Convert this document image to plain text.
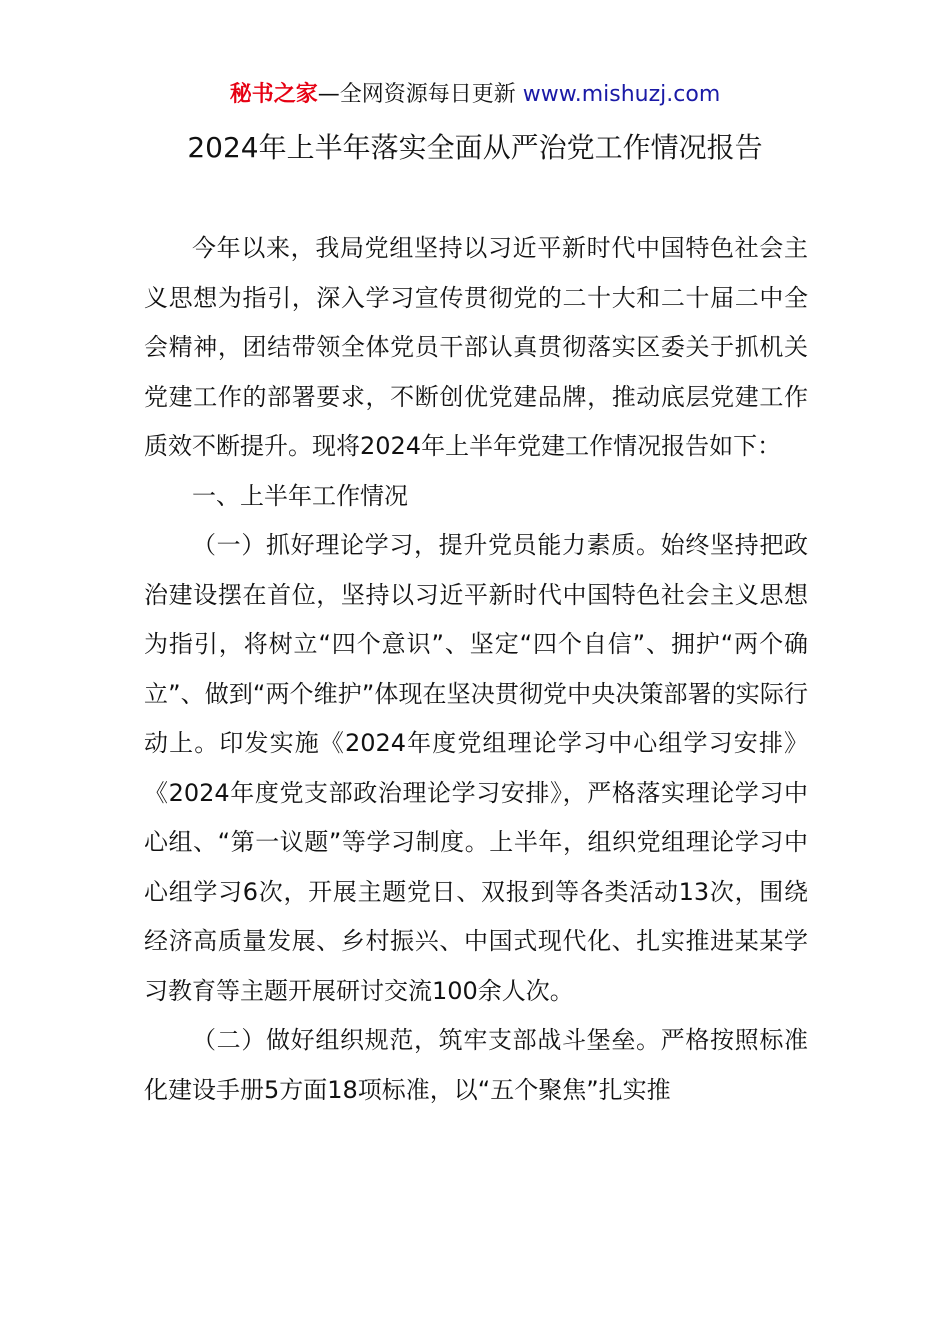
秘书之家—全网资源每日更新 www.mishuzj.com
2024年上半年落实全面从严治党工作情况报告

今年以来，我局党组坚持以习近平新时代中国特色社会主义思想为指引，深入学习宣传贯彻党的二十大和二十届二中全会精神，团结带领全体党员干部认真贯彻落实区委关于抓机关党建工作的部署要求，不断创优党建品牌，推动底层党建工作质效不断提升。现将2024年上半年党建工作情况报告如下：

一、上半年工作情况

（一）抓好理论学习，提升党员能力素质。始终坚持把政治建设摆在首位，坚持以习近平新时代中国特色社会主义思想为指引，将树立“四个意识”、坚定“四个自信”、拥护“两个确立”、做到“两个维护”体现在坚决贯彻党中央决策部署的实际行动上。印发实施《2024年度党组理论学习中心组学习安排》《2024年度党支部政治理论学习安排》，严格落实理论学习中心组、“第一议题”等学习制度。上半年，组织党组理论学习中心组学习6次，开展主题党日、双报到等各类活动13次，围绕经济高质量发展、乡村振兴、中国式现代化、扎实推进某某学习教育等主题开展研讨交流100余人次。

（二）做好组织规范，筑牢支部战斗堡垒。严格按照标准化建设手册5方面18项标准，以“五个聚焦”扎实推
